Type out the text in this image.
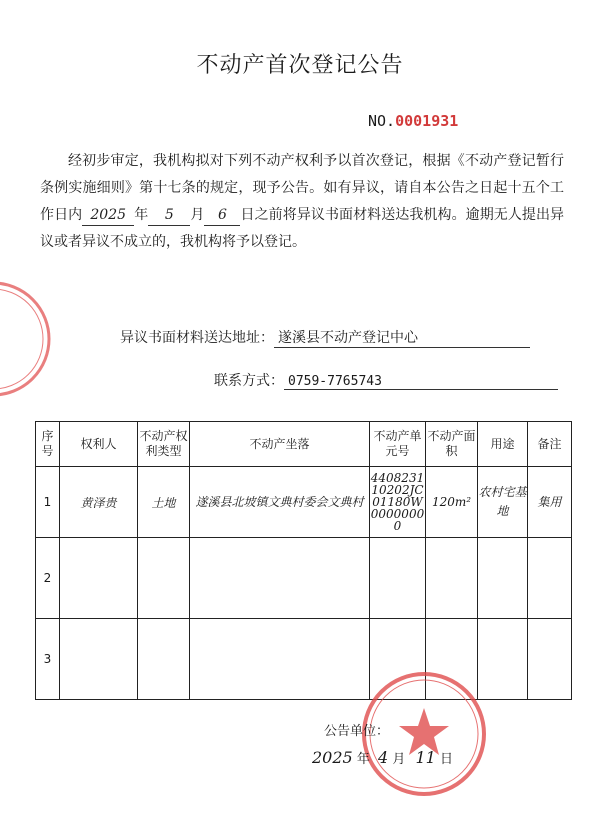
不动产首次登记公告
NO.0001931

经初步审定，我机构拟对下列不动产权利予以首次登记，根据《不动产登记暂行条例实施细则》第十七条的规定，现予公告。如有异议，请自本公告之日起十五个工作日内 2025 年 5 月 6 日之前将异议书面材料送达我机构。逾期无人提出异议或者异议不成立的，我机构将予以登记。

异议书面材料送达地址： 遂溪县不动产登记中心
联系方式： 0759-7765743
序号	权利人	不动产权利类型	不动产坐落	不动产单元号	不动产面积	用途	备注
1	黄泽贵	土地	遂溪县北坡镇文典村委会文典村	440823110202JC01180W00000000	120m²	农村宅基地	集用
2							
3							
公告单位：
2025 年 4 月 11 日
